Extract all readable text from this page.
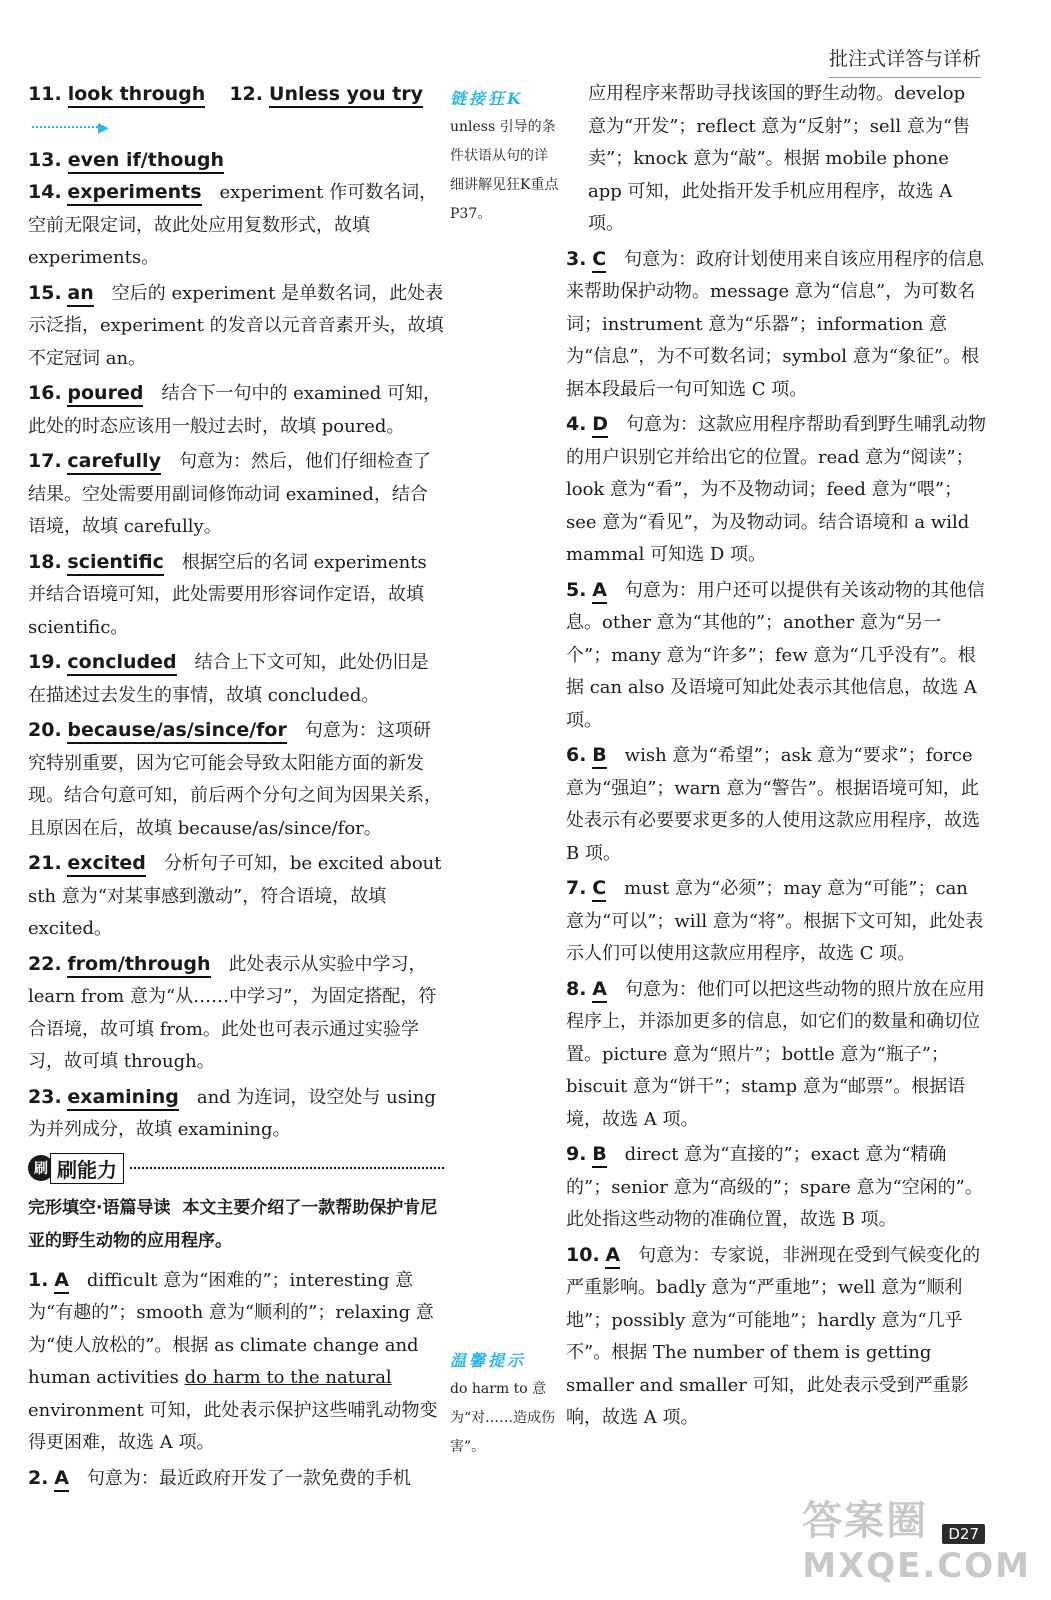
批注式详答与详析
11. look through 12. Unless you try▶
13. even if/though
14. experiments experiment 作可数名词，空前无限定词，故此处应用复数形式，故填 experiments。
15. an 空后的 experiment 是单数名词，此处表示泛指，experiment 的发音以元音音素开头，故填不定冠词 an。
16. poured 结合下一句中的 examined 可知，此处的时态应该用一般过去时，故填 poured。
17. carefully 句意为：然后，他们仔细检查了结果。空处需要用副词修饰动词 examined，结合语境，故填 carefully。
18. scientific 根据空后的名词 experiments 并结合语境可知，此处需要用形容词作定语，故填 scientific。
19. concluded 结合上下文可知，此处仍旧是在描述过去发生的事情，故填 concluded。
20. because/as/since/for 句意为：这项研究特别重要，因为它可能会导致太阳能方面的新发现。结合句意可知，前后两个分句之间为因果关系，且原因在后，故填 because/as/since/for。
21. excited 分析句子可知，be excited about sth 意为“对某事感到激动”，符合语境，故填 excited。
22. from/through 此处表示从实验中学习，learn from 意为“从……中学习”，为固定搭配，符合语境，故可填 from。此处也可表示通过实验学习，故可填 through。
23. examining and 为连词，设空处与 using 为并列成分，故填 examining。
刷 刷能力
完形填空·语篇导读 本文主要介绍了一款帮助保护肯尼亚的野生动物的应用程序。
1. A difficult 意为“困难的”；interesting 意为“有趣的”；smooth 意为“顺利的”；relaxing 意为“使人放松的”。根据 as climate change and human activities do harm to the natural environment 可知，此处表示保护这些哺乳动物变得更困难，故选 A 项。
2. A 句意为：最近政府开发了一款免费的手机
链接狂K
unless 引导的条件状语从句的详细讲解见狂K重点P37。
温馨提示
do harm to 意为“对……造成伤害”。
应用程序来帮助寻找该国的野生动物。develop 意为“开发”；reflect 意为“反射”；sell 意为“售卖”；knock 意为“敲”。根据 mobile phone app 可知，此处指开发手机应用程序，故选 A 项。
3. C 句意为：政府计划使用来自该应用程序的信息来帮助保护动物。message 意为“信息”，为可数名词；instrument 意为“乐器”；information 意为“信息”，为不可数名词；symbol 意为“象征”。根据本段最后一句可知选 C 项。
4. D 句意为：这款应用程序帮助看到野生哺乳动物的用户识别它并给出它的位置。read 意为“阅读”；look 意为“看”，为不及物动词；feed 意为“喂”；see 意为“看见”，为及物动词。结合语境和 a wild mammal 可知选 D 项。
5. A 句意为：用户还可以提供有关该动物的其他信息。other 意为“其他的”；another 意为“另一个”；many 意为“许多”；few 意为“几乎没有”。根据 can also 及语境可知此处表示其他信息，故选 A 项。
6. B wish 意为“希望”；ask 意为“要求”；force 意为“强迫”；warn 意为“警告”。根据语境可知，此处表示有必要要求更多的人使用这款应用程序，故选 B 项。
7. C must 意为“必须”；may 意为“可能”；can 意为“可以”；will 意为“将”。根据下文可知，此处表示人们可以使用这款应用程序，故选 C 项。
8. A 句意为：他们可以把这些动物的照片放在应用程序上，并添加更多的信息，如它们的数量和确切位置。picture 意为“照片”；bottle 意为“瓶子”；biscuit 意为“饼干”；stamp 意为“邮票”。根据语境，故选 A 项。
9. B direct 意为“直接的”；exact 意为“精确的”；senior 意为“高级的”；spare 意为“空闲的”。此处指这些动物的准确位置，故选 B 项。
10. A 句意为：专家说，非洲现在受到气候变化的严重影响。badly 意为“严重地”；well 意为“顺利地”；possibly 意为“可能地”；hardly 意为“几乎不”。根据 The number of them is getting smaller and smaller 可知，此处表示受到严重影响，故选 A 项。
D27
答案圈
MXQE.COM
